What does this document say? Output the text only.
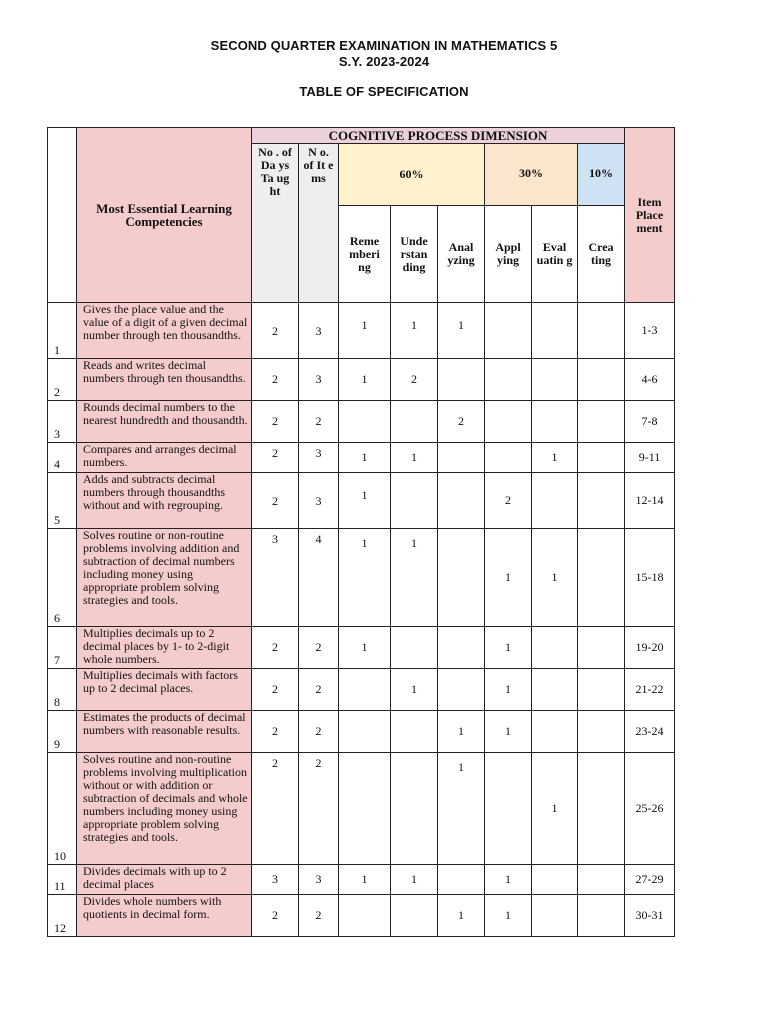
SECOND QUARTER EXAMINATION IN MATHEMATICS 5
S.Y. 2023-2024
TABLE OF SPECIFICATION
	Most Essential Learning Competencies	COGNITIVE PROCESS DIMENSION								Item Place ment
		No . of Da ys Ta ug ht	N o. of It e ms	60%			30%		10%	
				Reme mberi ng	Unde rstan ding	Anal yzing	Appl ying	Eval uatin g	Crea ting	
1	Gives the place value and the value of a digit of a given decimal number through ten thousandths.	2	3	1	1	1				1-3
2	Reads and writes decimal numbers through ten thousandths.	2	3	1	2					4-6
3	Rounds decimal numbers to the nearest hundredth and thousandth.	2	2			2				7-8
4	Compares and arranges decimal numbers.	2	3	1	1			1		9-11
5	Adds and subtracts decimal numbers through thousandths without and with regrouping.	2	3	1			2			12-14
6	Solves routine or non-routine problems involving addition and subtraction of decimal numbers including money using appropriate problem solving strategies and tools.	3	4	1	1		1	1		15-18
7	Multiplies decimals up to 2 decimal places by 1- to 2-digit whole numbers.	2	2	1			1			19-20
8	Multiplies decimals with factors up to 2 decimal places.	2	2		1		1			21-22
9	Estimates the products of decimal numbers with reasonable results.	2	2			1	1			23-24
10	Solves routine and non-routine problems involving multiplication without or with addition or subtraction of decimals and whole numbers including money using appropriate problem solving strategies and tools.	2	2			1		1		25-26
11	Divides decimals with up to 2 decimal places	3	3	1	1		1			27-29
12	Divides whole numbers with quotients in decimal form.	2	2			1	1			30-31
